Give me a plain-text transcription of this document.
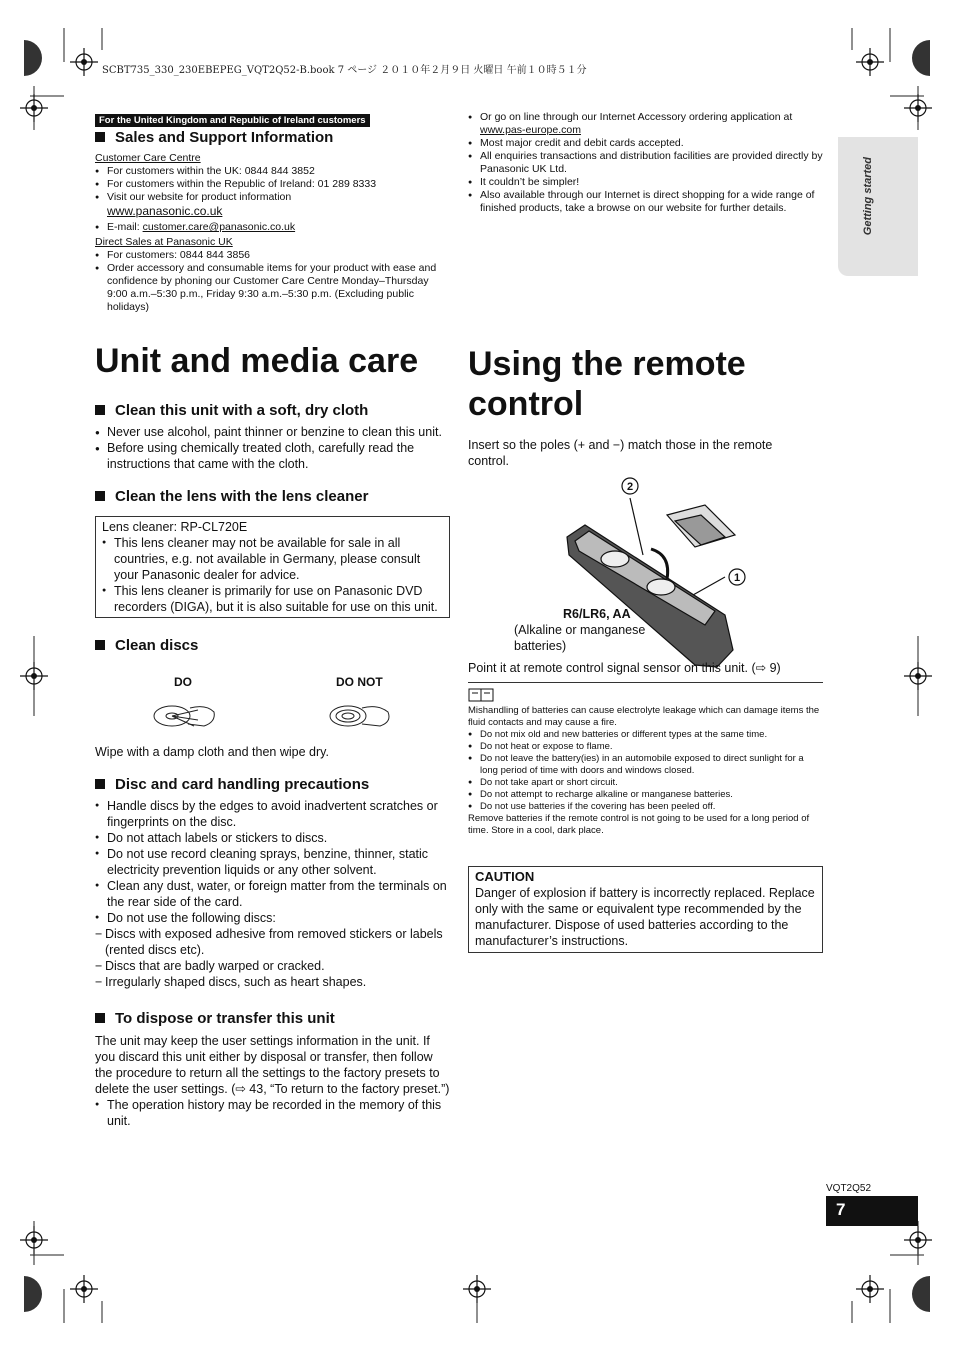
SCBT735_330_230EBEPEG_VQT2Q52-B.book 7 ページ ２０１０年２月９日 火曜日 午前１０時５１分
Getting started
For the United Kingdom and Republic of Ireland customers
Sales and Support Information
Customer Care Centre
● For customers within the UK: 0844 844 3852
● For customers within the Republic of Ireland: 01 289 8333
● Visit our website for product information
www.panasonic.co.uk
● E-mail: customer.care@panasonic.co.uk
Direct Sales at Panasonic UK
● For customers: 0844 844 3856
● Order accessory and consumable items for your product with ease and confidence by phoning our Customer Care Centre Monday–Thursday 9:00 a.m.–5:30 p.m., Friday 9:30 a.m.–5:30 p.m. (Excluding public holidays)
● Or go on line through our Internet Accessory ordering application at
www.pas-europe.com
● Most major credit and debit cards accepted.
● All enquiries transactions and distribution facilities are provided directly by Panasonic UK Ltd.
● It couldn’t be simpler!
● Also available through our Internet is direct shopping for a wide range of finished products, take a browse on our website for further details.
Unit and media care
Clean this unit with a soft, dry cloth
● Never use alcohol, paint thinner or benzine to clean this unit.
● Before using chemically treated cloth, carefully read the instructions that came with the cloth.
Clean the lens with the lens cleaner
Lens cleaner: RP-CL720E
● This lens cleaner may not be available for sale in all countries, e.g. not available in Germany, please consult your Panasonic dealer for advice.
● This lens cleaner is primarily for use on Panasonic DVD recorders (DIGA), but it is also suitable for use on this unit.
Clean discs
DO	DO NOT
Wipe with a damp cloth and then wipe dry.
Disc and card handling precautions
● Handle discs by the edges to avoid inadvertent scratches or fingerprints on the disc.
● Do not attach labels or stickers to discs.
● Do not use record cleaning sprays, benzine, thinner, static electricity prevention liquids or any other solvent.
● Clean any dust, water, or foreign matter from the terminals on the rear side of the card.
● Do not use the following discs:
− Discs with exposed adhesive from removed stickers or labels (rented discs etc).
− Discs that are badly warped or cracked.
− Irregularly shaped discs, such as heart shapes.
To dispose or transfer this unit
The unit may keep the user settings information in the unit. If you discard this unit either by disposal or transfer, then follow the procedure to return all the settings to the factory presets to delete the user settings. (⇨ 43, “To return to the factory preset.”)
● The operation history may be recorded in the memory of this unit.
Using the remote
control
Insert so the poles (+ and −) match those in the remote control.
2
1
R6/LR6, AA
(Alkaline or manganese batteries)
Point it at remote control signal sensor on this unit. (⇨ 9)
Mishandling of batteries can cause electrolyte leakage which can damage items the fluid contacts and may cause a fire.
● Do not mix old and new batteries or different types at the same time.
● Do not heat or expose to flame.
● Do not leave the battery(ies) in an automobile exposed to direct sunlight for a long period of time with doors and windows closed.
● Do not take apart or short circuit.
● Do not attempt to recharge alkaline or manganese batteries.
● Do not use batteries if the covering has been peeled off.
Remove batteries if the remote control is not going to be used for a long period of time. Store in a cool, dark place.
CAUTION
Danger of explosion if battery is incorrectly replaced. Replace only with the same or equivalent type recommended by the manufacturer. Dispose of used batteries according to the manufacturer’s instructions.
VQT2Q52
7
